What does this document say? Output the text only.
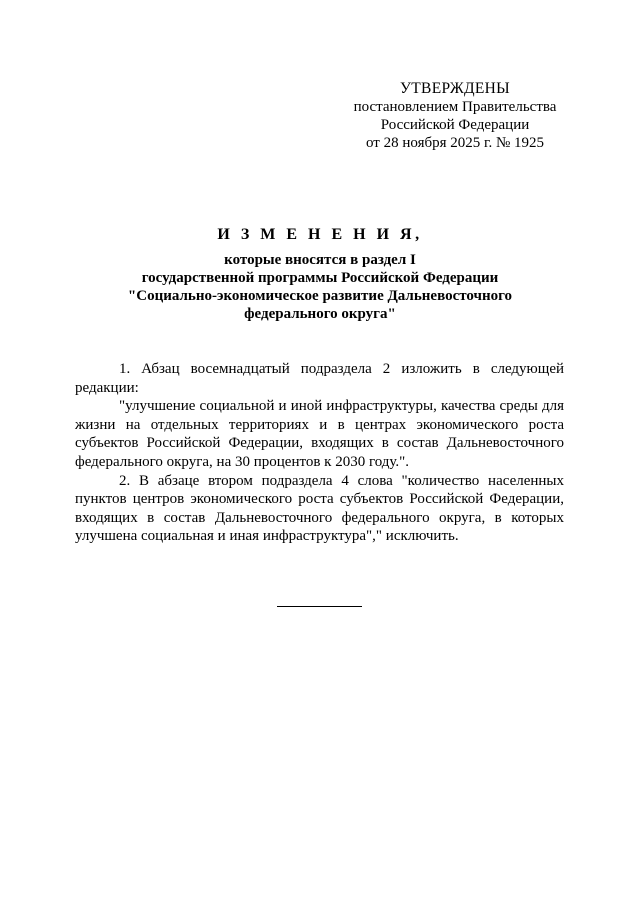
УТВЕРЖДЕНЫ
постановлением Правительства
Российской Федерации
от 28 ноября 2025 г. № 1925
И З М Е Н Е Н И Я,
которые вносятся в раздел I
государственной программы Российской Федерации
"Социально-экономическое развитие Дальневосточного
федерального округа"

1. Абзац восемнадцатый подраздела 2 изложить в следующей редакции:

"улучшение социальной и иной инфраструктуры, качества среды для жизни на отдельных территориях и в центрах экономического роста субъектов Российской Федерации, входящих в состав Дальневосточного федерального округа, на 30 процентов к 2030 году.".

2. В абзаце втором подраздела 4 слова "количество населенных пунктов центров экономического роста субъектов Российской Федерации, входящих в состав Дальневосточного федерального округа, в которых улучшена социальная и иная инфраструктура"," исключить.
